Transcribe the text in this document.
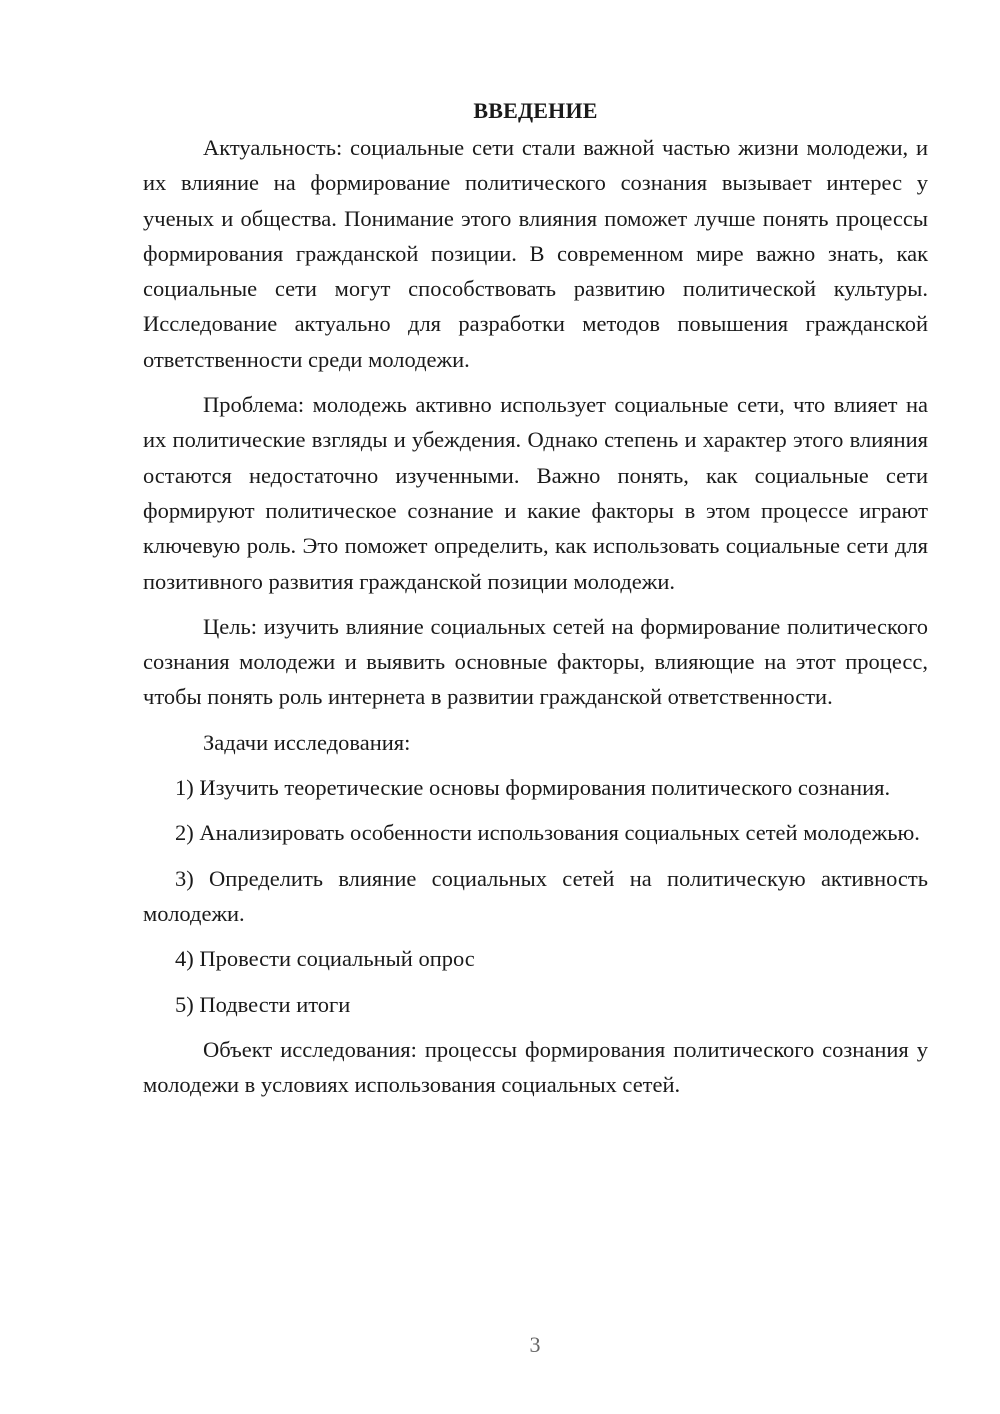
ВВЕДЕНИЕ

Актуальность: социальные сети стали важной частью жизни молодежи, и их влияние на формирование политического сознания вызывает интерес у ученых и общества. Понимание этого влияния поможет лучше понять процессы формирования гражданской позиции. В современном мире важно знать, как социальные сети могут способствовать развитию политической культуры. Исследование актуально для разработки методов повышения гражданской ответственности среди молодежи.

Проблема: молодежь активно использует социальные сети, что влияет на их политические взгляды и убеждения. Однако степень и характер этого влияния остаются недостаточно изученными. Важно понять, как социальные сети формируют политическое сознание и какие факторы в этом процессе играют ключевую роль. Это поможет определить, как использовать социальные сети для позитивного развития гражданской позиции молодежи.

Цель: изучить влияние социальных сетей на формирование политического сознания молодежи и выявить основные факторы, влияющие на этот процесс, чтобы понять роль интернета в развитии гражданской ответственности.

Задачи исследования:

1) Изучить теоретические основы формирования политического сознания.

2) Анализировать особенности использования социальных сетей молодежью.

3) Определить влияние социальных сетей на политическую активность молодежи.

4) Провести социальный опрос

5) Подвести итоги

Объект исследования: процессы формирования политического сознания у молодежи в условиях использования социальных сетей.

3
